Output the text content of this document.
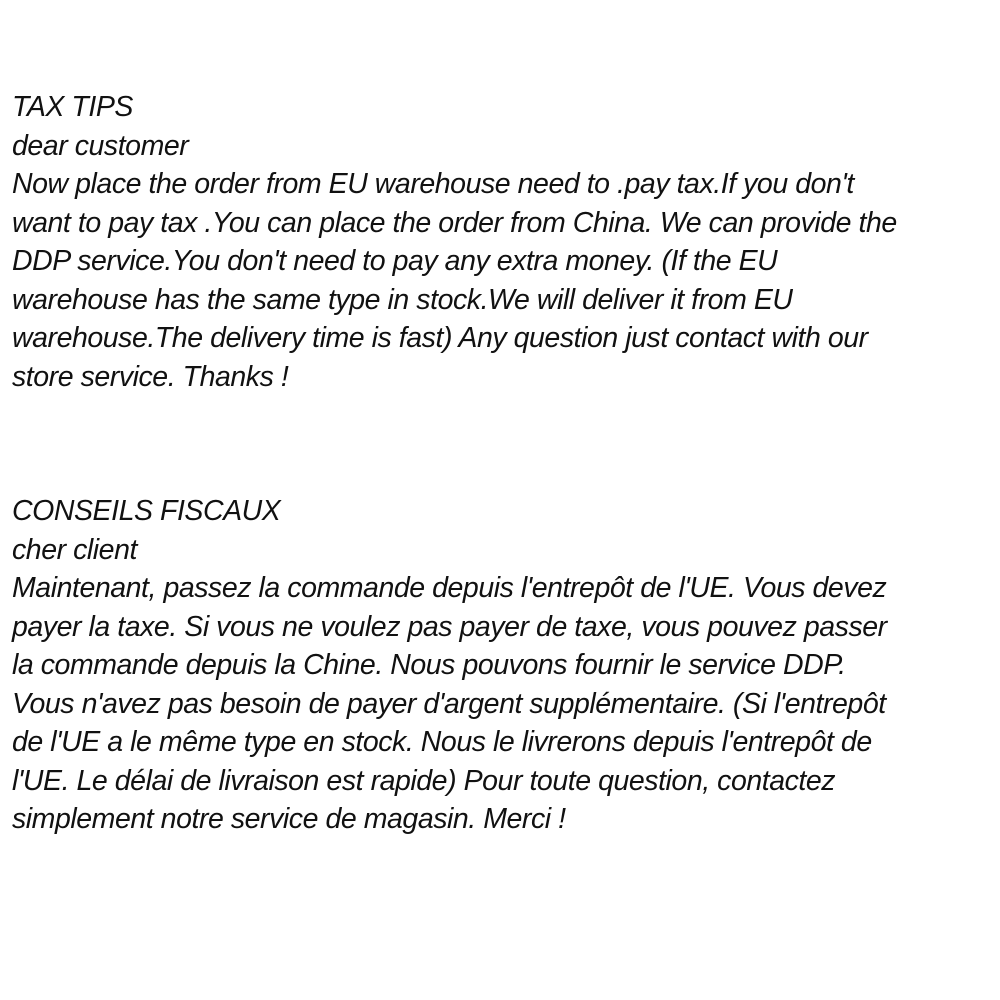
TAX TIPS
dear customer
Now place the order from EU warehouse need to .pay tax.If you don't
want to pay tax .You can place the order from China. We can provide the
DDP service.You don't need to pay any extra money. (If the EU
warehouse has the same type in stock.We will deliver it from EU
warehouse.The delivery time is fast) Any question just contact with our
store service. Thanks !
CONSEILS FISCAUX
cher client
Maintenant, passez la commande depuis l'entrepôt de l'UE. Vous devez
payer la taxe. Si vous ne voulez pas payer de taxe, vous pouvez passer
la commande depuis la Chine. Nous pouvons fournir le service DDP.
Vous n'avez pas besoin de payer d'argent supplémentaire. (Si l'entrepôt
de l'UE a le même type en stock. Nous le livrerons depuis l'entrepôt de
l'UE. Le délai de livraison est rapide) Pour toute question, contactez
simplement notre service de magasin. Merci !
